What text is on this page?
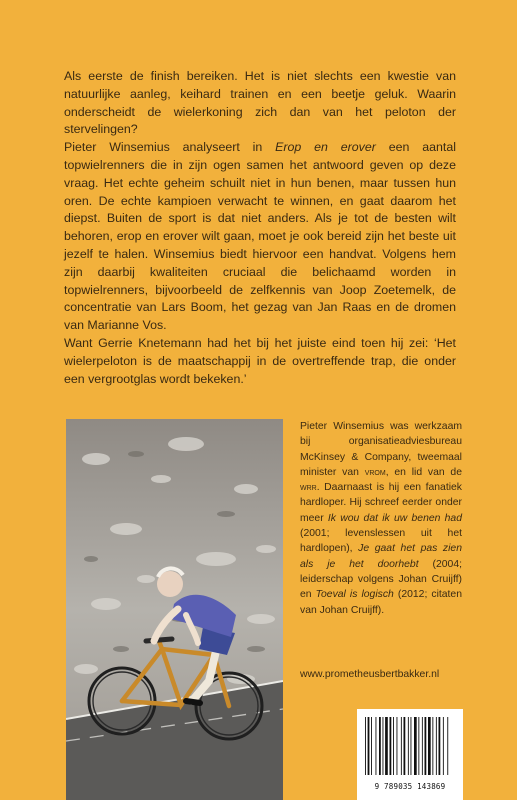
Als eerste de finish bereiken. Het is niet slechts een kwestie van natuurlijke aanleg, keihard trainen en een beetje geluk. Waarin onderscheidt de wielerkoning zich dan van het peloton der stervelingen?

Pieter Winsemius analyseert in Erop en erover een aantal topwielrenners die in zijn ogen samen het antwoord geven op deze vraag. Het echte geheim schuilt niet in hun benen, maar tussen hun oren. De echte kampioen verwacht te winnen, en gaat daarom het diepst. Buiten de sport is dat niet anders. Als je tot de besten wilt behoren, erop en erover wilt gaan, moet je ook bereid zijn het beste uit jezelf te halen. Winsemius biedt hiervoor een handvat. Volgens hem zijn daarbij kwaliteiten cruciaal die belichaamd worden in topwielrenners, bijvoorbeeld de zelfkennis van Joop Zoetemelk, de concentratie van Lars Boom, het gezag van Jan Raas en de dromen van Marianne Vos.

Want Gerrie Knetemann had het bij het juiste eind toen hij zei: ‘Het wielerpeloton is de maatschappij in de overtreffende trap, die onder een vergrootglas wordt bekeken.’

Pieter Winsemius was werkzaam bij organisatieadviesbureau McKinsey & Company, tweemaal minister van vrom, en lid van de wrr. Daarnaast is hij een fanatiek hardloper. Hij schreef eerder onder meer Ik wou dat ik uw benen had (2001; levenslessen uit het hardlopen), Je gaat het pas zien als je het doorhebt (2004; leiderschap volgens Johan Cruijff) en Toeval is logisch (2012; citaten van Johan Cruijff).

www.prometheusbertbakker.nl
9 789035 143869
